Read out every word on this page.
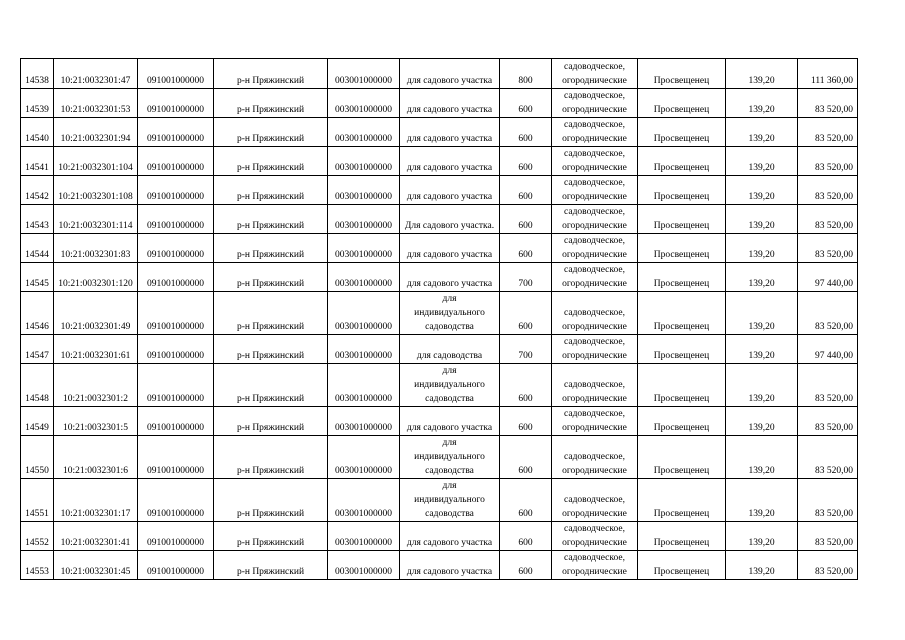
14538	10:21:0032301:47	091001000000	р-н Пряжинский	003001000000	для садового участка	800	садоводческое, огороднические	Просвещенец	139,20	111 360,00
14539	10:21:0032301:53	091001000000	р-н Пряжинский	003001000000	для садового участка	600	садоводческое, огороднические	Просвещенец	139,20	83 520,00
14540	10:21:0032301:94	091001000000	р-н Пряжинский	003001000000	для садового участка	600	садоводческое, огороднические	Просвещенец	139,20	83 520,00
14541	10:21:0032301:104	091001000000	р-н Пряжинский	003001000000	для садового участка	600	садоводческое, огороднические	Просвещенец	139,20	83 520,00
14542	10:21:0032301:108	091001000000	р-н Пряжинский	003001000000	для садового участка	600	садоводческое, огороднические	Просвещенец	139,20	83 520,00
14543	10:21:0032301:114	091001000000	р-н Пряжинский	003001000000	Для садового участка.	600	садоводческое, огороднические	Просвещенец	139,20	83 520,00
14544	10:21:0032301:83	091001000000	р-н Пряжинский	003001000000	для садового участка	600	садоводческое, огороднические	Просвещенец	139,20	83 520,00
14545	10:21:0032301:120	091001000000	р-н Пряжинский	003001000000	для садового участка	700	садоводческое, огороднические	Просвещенец	139,20	97 440,00
14546	10:21:0032301:49	091001000000	р-н Пряжинский	003001000000	для индивидуального садоводства	600	садоводческое, огороднические	Просвещенец	139,20	83 520,00
14547	10:21:0032301:61	091001000000	р-н Пряжинский	003001000000	для садоводства	700	садоводческое, огороднические	Просвещенец	139,20	97 440,00
14548	10:21:0032301:2	091001000000	р-н Пряжинский	003001000000	для индивидуального садоводства	600	садоводческое, огороднические	Просвещенец	139,20	83 520,00
14549	10:21:0032301:5	091001000000	р-н Пряжинский	003001000000	для садового участка	600	садоводческое, огороднические	Просвещенец	139,20	83 520,00
14550	10:21:0032301:6	091001000000	р-н Пряжинский	003001000000	для индивидуального садоводства	600	садоводческое, огороднические	Просвещенец	139,20	83 520,00
14551	10:21:0032301:17	091001000000	р-н Пряжинский	003001000000	для индивидуального садоводства	600	садоводческое, огороднические	Просвещенец	139,20	83 520,00
14552	10:21:0032301:41	091001000000	р-н Пряжинский	003001000000	для садового участка	600	садоводческое, огороднические	Просвещенец	139,20	83 520,00
14553	10:21:0032301:45	091001000000	р-н Пряжинский	003001000000	для садового участка	600	садоводческое, огороднические	Просвещенец	139,20	83 520,00
